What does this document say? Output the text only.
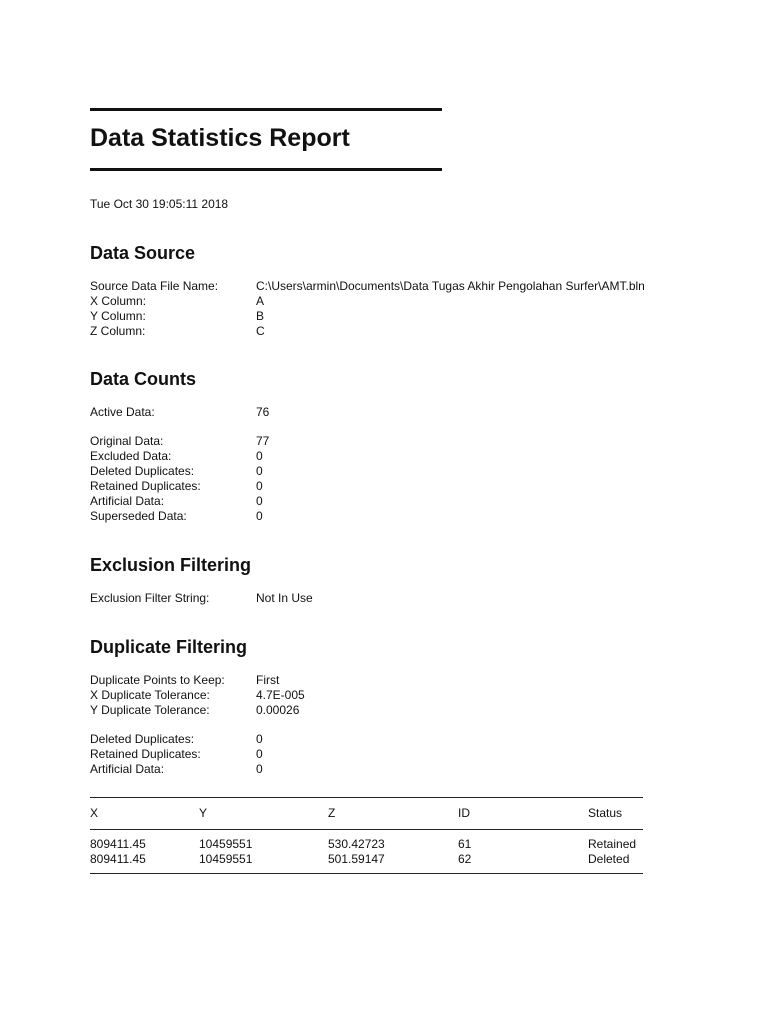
Data Statistics Report
Tue Oct 30 19:05:11 2018
Data Source
Source Data File Name:	C:\Users\armin\Documents\Data Tugas Akhir Pengolahan Surfer\AMT.bln
X Column:	A
Y Column:	B
Z Column:	C
Data Counts
Active Data:	76
Original Data:	77
Excluded Data:	0
Deleted Duplicates:	0
Retained Duplicates:	0
Artificial Data:	0
Superseded Data:	0
Exclusion Filtering
Exclusion Filter String:	Not In Use
Duplicate Filtering
Duplicate Points to Keep:	First
X Duplicate Tolerance:	4.7E-005
Y Duplicate Tolerance:	0.00026
Deleted Duplicates:	0
Retained Duplicates:	0
Artificial Data:	0
X	Y	Z	ID	Status
809411.45	10459551	530.42723	61	Retained
809411.45	10459551	501.59147	62	Deleted
